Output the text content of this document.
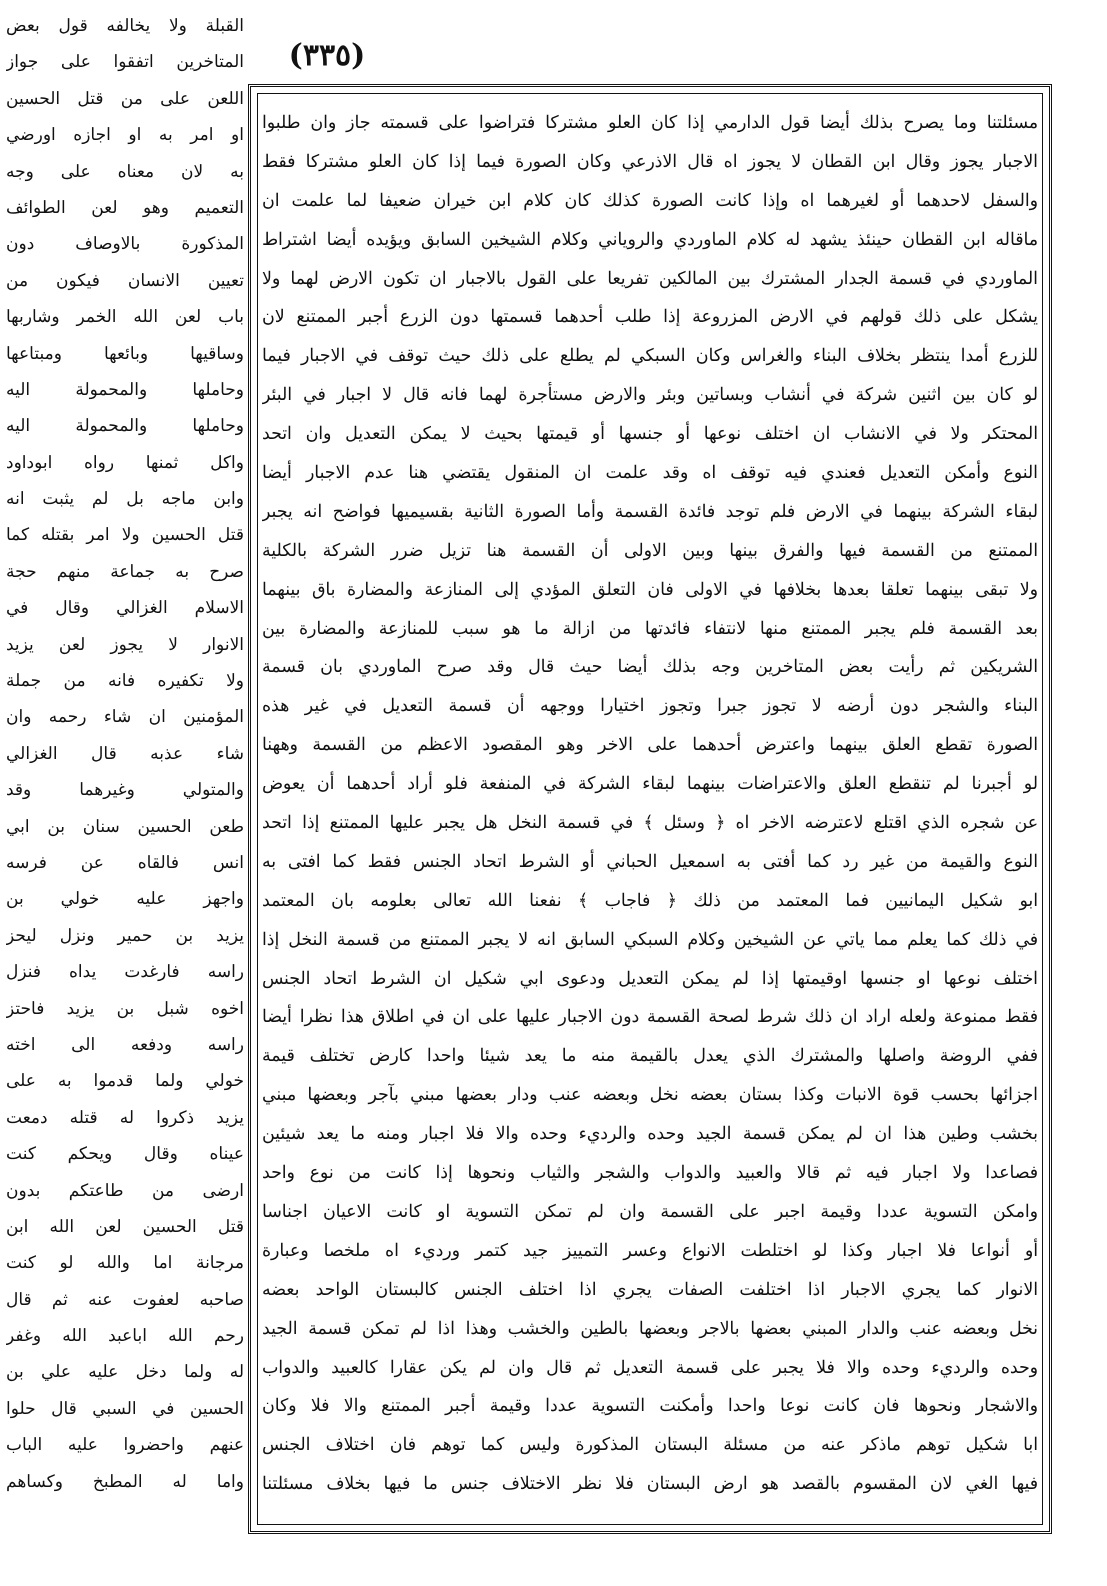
(٣٣٥)
مسئلتنا وما يصرح بذلك أيضا قول الدارمي إذا كان العلو مشتركا فتراضوا على قسمته جاز وان طلبوا
الاجبار يجوز وقال ابن القطان لا يجوز اه قال الاذرعي وكان الصورة فيما إذا كان العلو مشتركا فقط
والسفل لاحدهما أو لغيرهما اه وإذا كانت الصورة كذلك كان كلام ابن خيران ضعيفا لما علمت ان
ماقاله ابن القطان حينئذ يشهد له كلام الماوردي والروياني وكلام الشيخين السابق ويؤيده أيضا اشتراط
الماوردي في قسمة الجدار المشترك بين المالكين تفريعا على القول بالاجبار ان تكون الارض لهما ولا
يشكل على ذلك قولهم في الارض المزروعة إذا طلب أحدهما قسمتها دون الزرع أجبر الممتنع لان
للزرع أمدا ينتظر بخلاف البناء والغراس وكان السبكي لم يطلع على ذلك حيث توقف في الاجبار فيما
لو كان بين اثنين شركة في أنشاب وبساتين وبئر والارض مستأجرة لهما فانه قال لا اجبار في البئر
المحتكر ولا في الانشاب ان اختلف نوعها أو جنسها أو قيمتها بحيث لا يمكن التعديل وان اتحد
النوع وأمكن التعديل فعندي فيه توقف اه وقد علمت ان المنقول يقتضي هنا عدم الاجبار أيضا
لبقاء الشركة بينهما في الارض فلم توجد فائدة القسمة وأما الصورة الثانية بقسيميها فواضح انه يجبر
الممتنع من القسمة فيها والفرق بينها وبين الاولى أن القسمة هنا تزيل ضرر الشركة بالكلية
ولا تبقى بينهما تعلقا بعدها بخلافها في الاولى فان التعلق المؤدي إلى المنازعة والمضارة باق بينهما
بعد القسمة فلم يجبر الممتنع منها لانتفاء فائدتها من ازالة ما هو سبب للمنازعة والمضارة بين
الشريكين ثم رأيت بعض المتاخرين وجه بذلك أيضا حيث قال وقد صرح الماوردي بان قسمة
البناء والشجر دون أرضه لا تجوز جبرا وتجوز اختيارا ووجهه أن قسمة التعديل في غير هذه
الصورة تقطع العلق بينهما واعترض أحدهما على الاخر وهو المقصود الاعظم من القسمة وههنا
لو أجبرنا لم تنقطع العلق والاعتراضات بينهما لبقاء الشركة في المنفعة فلو أراد أحدهما أن يعوض
عن شجره الذي اقتلع لاعترضه الاخر اه ﴿ وسئل ﴾ في قسمة النخل هل يجبر عليها الممتنع إذا اتحد
النوع والقيمة من غير رد كما أفتى به اسمعيل الحباني أو الشرط اتحاد الجنس فقط كما افتى به
ابو شكيل اليمانيين فما المعتمد من ذلك ﴿ فاجاب ﴾ نفعنا الله تعالى بعلومه بان المعتمد
في ذلك كما يعلم مما ياتي عن الشيخين وكلام السبكي السابق انه لا يجبر الممتنع من قسمة النخل إذا
اختلف نوعها او جنسها اوقيمتها إذا لم يمكن التعديل ودعوى ابي شكيل ان الشرط اتحاد الجنس
فقط ممنوعة ولعله اراد ان ذلك شرط لصحة القسمة دون الاجبار عليها على ان في اطلاق هذا نظرا أيضا
ففي الروضة واصلها والمشترك الذي يعدل بالقيمة منه ما يعد شيئا واحدا كارض تختلف قيمة
اجزائها بحسب قوة الانبات وكذا بستان بعضه نخل وبعضه عنب ودار بعضها مبني بآجر وبعضها مبني
بخشب وطين هذا ان لم يمكن قسمة الجيد وحده والرديء وحده والا فلا اجبار ومنه ما يعد شيئين
فصاعدا ولا اجبار فيه ثم قالا والعبيد والدواب والشجر والثياب ونحوها إذا كانت من نوع واحد
وامكن التسوية عددا وقيمة اجبر على القسمة وان لم تمكن التسوية او كانت الاعيان اجناسا
أو أنواعا فلا اجبار وكذا لو اختلطت الانواع وعسر التمييز جيد كتمر ورديء اه ملخصا وعبارة
الانوار كما يجري الاجبار اذا اختلفت الصفات يجري اذا اختلف الجنس كالبستان الواحد بعضه
نخل وبعضه عنب والدار المبني بعضها بالاجر وبعضها بالطين والخشب وهذا اذا لم تمكن قسمة الجيد
وحده والرديء وحده والا فلا يجبر على قسمة التعديل ثم قال وان لم يكن عقارا كالعبيد والدواب
والاشجار ونحوها فان كانت نوعا واحدا وأمكنت التسوية عددا وقيمة أجبر الممتنع والا فلا وكان
ابا شكيل توهم ماذكر عنه من مسئلة البستان المذكورة وليس كما توهم فان اختلاف الجنس
فيها الغي لان المقسوم بالقصد هو ارض البستان فلا نظر الاختلاف جنس ما فيها بخلاف مسئلتنا
القبلة ولا يخالفه قول بعض
المتاخرين اتفقوا على جواز
اللعن على من قتل الحسين
او امر به او اجازه اورضي
به لان معناه على وجه
التعميم وهو لعن الطوائف
المذكورة بالاوصاف دون
تعيين الانسان فيكون من
باب لعن الله الخمر وشاربها
وساقيها وبائعها ومبتاعها
وحاملها والمحمولة اليه
وحاملها والمحمولة اليه
واكل ثمنها رواه ابوداود
وابن ماجه بل لم يثبت انه
قتل الحسين ولا امر بقتله كما
صرح به جماعة منهم حجة
الاسلام الغزالي وقال في
الانوار لا يجوز لعن يزيد
ولا تكفيره فانه من جملة
المؤمنين ان شاء رحمه وان
شاء عذبه قال الغزالي
والمتولي وغيرهما وقد
طعن الحسين سنان بن ابي
انس فالقاه عن فرسه
واجهز عليه خولي بن
يزيد بن حمير ونزل ليحز
راسه فارغدت يداه فنزل
اخوه شبل بن يزيد فاحتز
راسه ودفعه الى اخته
خولي ولما قدموا به على
يزيد ذكروا له قتله دمعت
عيناه وقال ويحكم كنت
ارضى من طاعتكم بدون
قتل الحسين لعن الله ابن
مرجانة اما والله لو كنت
صاحبه لعفوت عنه ثم قال
رحم الله اباعبد الله وغفر
له ولما دخل عليه علي بن
الحسين في السبي قال حلوا
عنهم واحضروا عليه الباب
واما له المطبخ وكساهم
